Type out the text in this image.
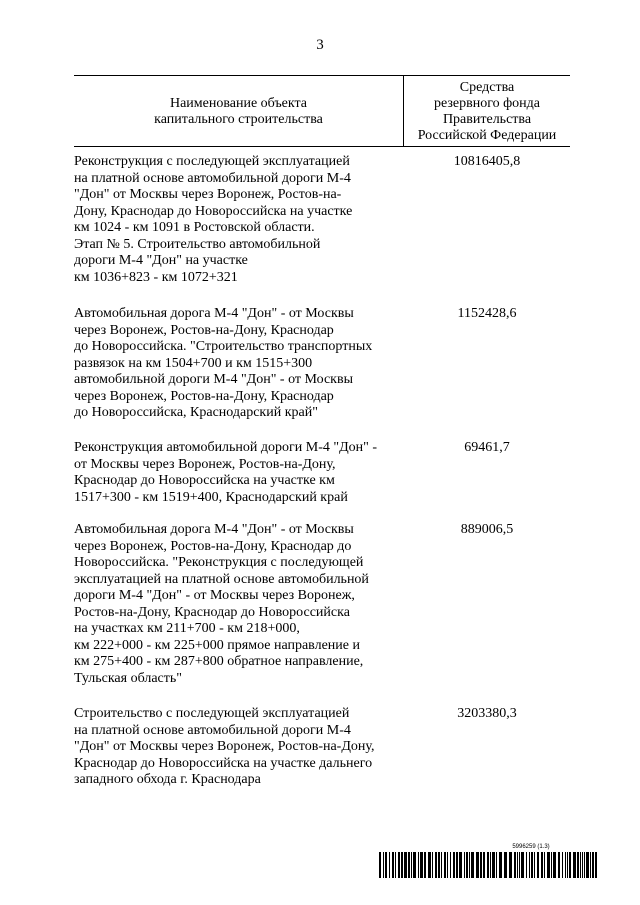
3
Наименование объекта
капитального строительства
Средства
резервного фонда
Правительства
Российской Федерации
Реконструкция с последующей эксплуатацией
на платной основе автомобильной дороги М-4
"Дон" от Москвы через Воронеж, Ростов-на-
Дону, Краснодар до Новороссийска на участке
км 1024 - км 1091 в Ростовской области.
Этап № 5. Строительство автомобильной
дороги М-4 "Дон" на участке
км 1036+823 - км 1072+321
10816405,8
Автомобильная дорога М-4 "Дон" - от Москвы
через Воронеж, Ростов-на-Дону, Краснодар
до Новороссийска. "Строительство транспортных
развязок на км 1504+700 и км 1515+300
автомобильной дороги М-4 "Дон" - от Москвы
через Воронеж, Ростов-на-Дону, Краснодар
до Новороссийска, Краснодарский край"
1152428,6
Реконструкция автомобильной дороги М-4 "Дон" -
от Москвы через Воронеж, Ростов-на-Дону,
Краснодар до Новороссийска на участке км
1517+300 - км 1519+400, Краснодарский край
69461,7
Автомобильная дорога М-4 "Дон" - от Москвы
через Воронеж, Ростов-на-Дону, Краснодар до
Новороссийска. "Реконструкция с последующей
эксплуатацией на платной основе автомобильной
дороги М-4 "Дон" - от Москвы через Воронеж,
Ростов-на-Дону, Краснодар до Новороссийска
на участках км 211+700 - км 218+000,
км 222+000 - км 225+000 прямое направление и
км 275+400 - км 287+800 обратное направление,
Тульская область"
889006,5
Строительство с последующей эксплуатацией
на платной основе автомобильной дороги М-4
"Дон" от Москвы через Воронеж, Ростов-на-Дону,
Краснодар до Новороссийска на участке дальнего
западного обхода г. Краснодара
3203380,3
5996259 (1.3)
